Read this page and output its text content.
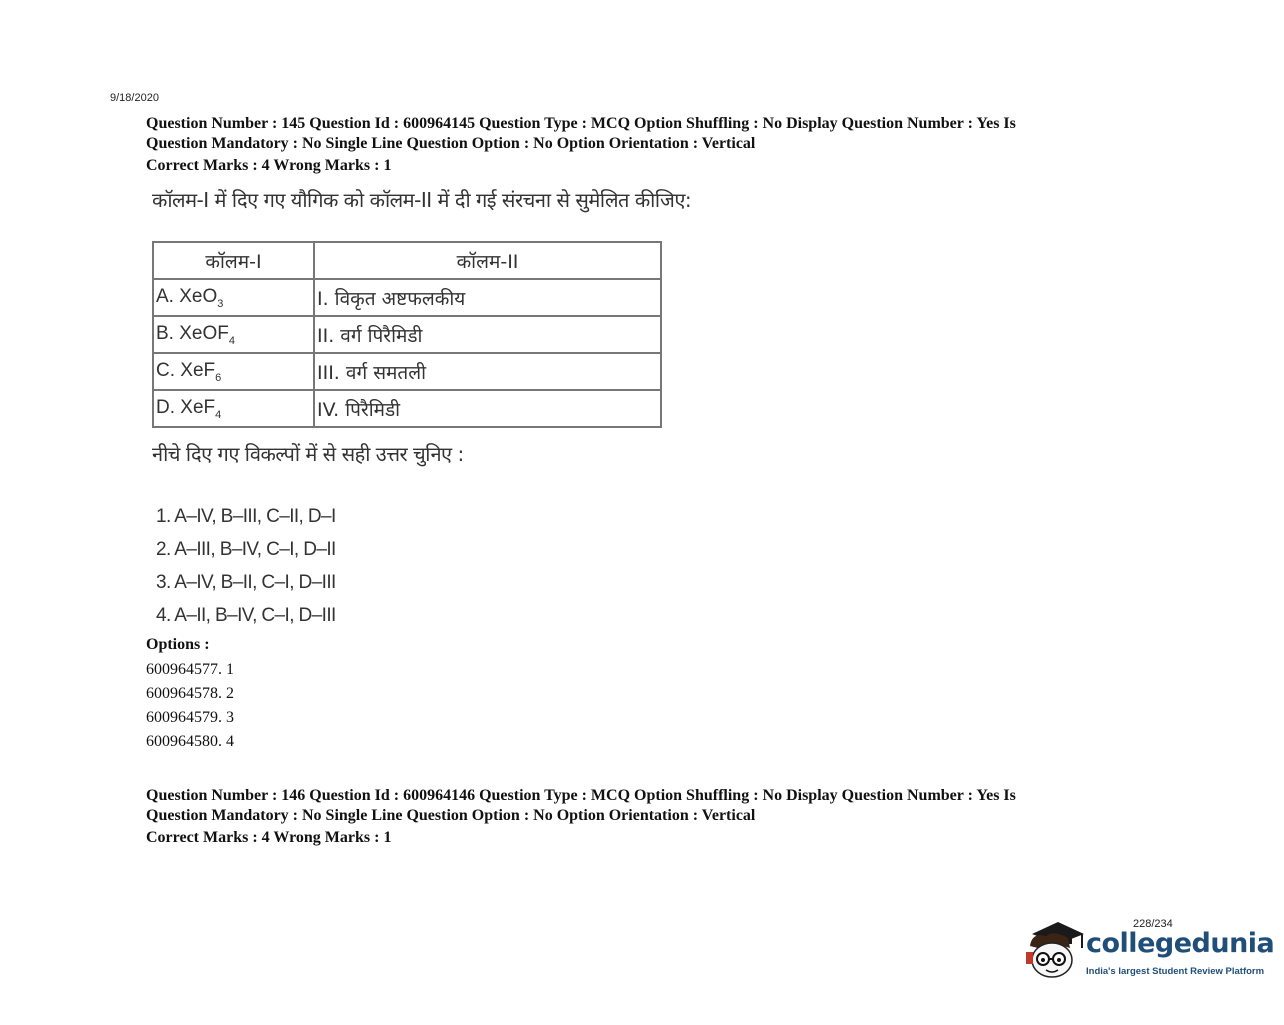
9/18/2020
Question Number : 145 Question Id : 600964145 Question Type : MCQ Option Shuffling : No Display Question Number : Yes Is
Question Mandatory : No Single Line Question Option : No Option Orientation : Vertical
Correct Marks : 4 Wrong Marks : 1
कॉलम-I में दिए गए यौगिक को कॉलम-II में दी गई संरचना से सुमेलित कीजिए:
कॉलम-I	कॉलम-II
A. XeO$_3$	I. विकृत अष्टफलकीय
B. XeOF$_4$	II. वर्ग पिरैमिडी
C. XeF$_6$	III. वर्ग समतली
D. XeF$_4$	IV. पिरैमिडी
नीचे दिए गए विकल्पों में से सही उत्तर चुनिए :
1. A–IV, B–III, C–II, D–I
2. A–III, B–IV, C–I, D–II
3. A–IV, B–II, C–I, D–III
4. A–II, B–IV, C–I, D–III
Options :
600964577. 1
600964578. 2
600964579. 3
600964580. 4
Question Number : 146 Question Id : 600964146 Question Type : MCQ Option Shuffling : No Display Question Number : Yes Is
Question Mandatory : No Single Line Question Option : No Option Orientation : Vertical
Correct Marks : 4 Wrong Marks : 1
228/234
collegedunia
India's largest Student Review Platform
